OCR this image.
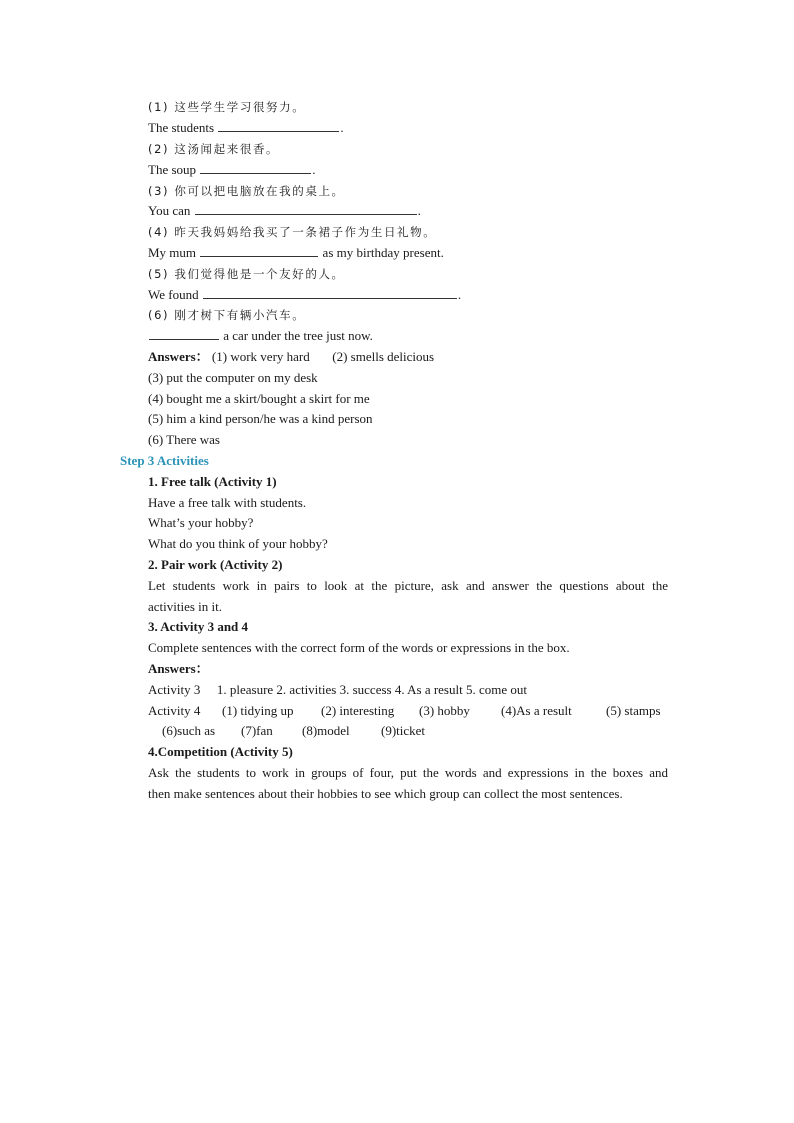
(1) 这些学生学习很努力。
The students	.
(2) 这汤闻起来很香。
The soup	.
(3) 你可以把电脑放在我的桌上。
You can	.
(4) 昨天我妈妈给我买了一条裙子作为生日礼物。
My mum	as my birthday present.
(5) 我们觉得他是一个友好的人。
We found	.
(6) 刚才树下有辆小汽车。
a car under the tree just now.
Answers： (1) work very hard (2) smells delicious
(3) put the computer on my desk
(4) bought me a skirt/bought a skirt for me
(5) him a kind person/he was a kind person
(6) There was
Step 3 Activities
1. Free talk (Activity 1)
Have a free talk with students.
What’s your hobby?
What do you think of your hobby?
2. Pair work (Activity 2)
Let students work in pairs to look at the picture, ask and answer the questions about the
activities in it.
3. Activity 3 and 4
Complete sentences with the correct form of the words or expressions in the box.
Answers：
Activity 3 1. pleasure 2. activities 3. success 4. As a result 5. come out
Activity 4 (1) tidying up (2) interesting (3) hobby (4)As a result	(5) stamps
(6)such as (7)fan (8)model (9)ticket
4.Competition (Activity 5)
Ask the students to work in groups of four, put the words and expressions in the boxes and
then make sentences about their hobbies to see which group can collect the most sentences.
